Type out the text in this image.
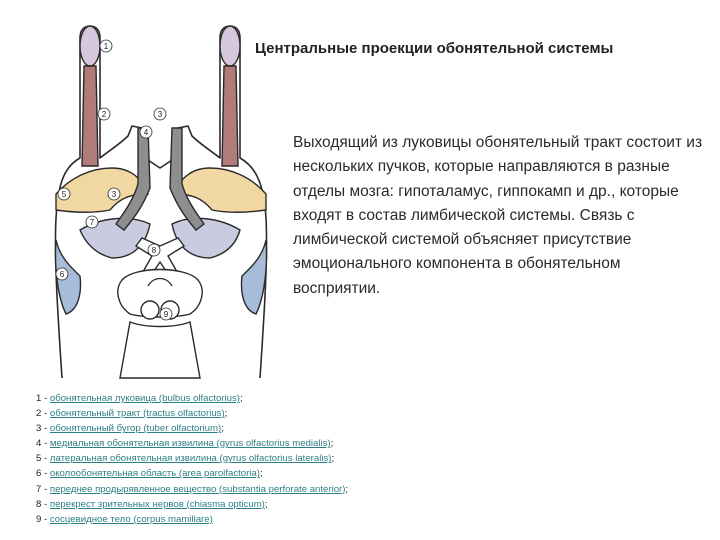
1
2
3
3
4
5
6
7
8
9
Центральные проекции обонятельной системы
Выходящий из луковицы обонятельный тракт состоит из нескольких пучков, которые направляются в разные отделы мозга: гипоталамус, гиппокамп и др., которые входят в состав лимбической системы. Связь с лимбической системой объясняет присутствие эмоционального компонента в обонятельном восприятии.
1 - обонятельная луковица (bulbus olfactorius);
2 - обонятельный тракт (tractus olfactorius);
3 - обонятельный бугор (tuber olfactorium);
4 - медиальная обонятельная извилина (gyrus olfactorius medialis);
5 - латеральная обонятельная извилина (gyrus olfactorius lateralis);
6 - околообонятельная область (area parolfactoria);
7 - переднее продырявленное вещество (substantia perforate anterior);
8 - перекрест зрительных нервов (chiasma opticum);
9 - сосцевидное тело (corpus mamillare)
